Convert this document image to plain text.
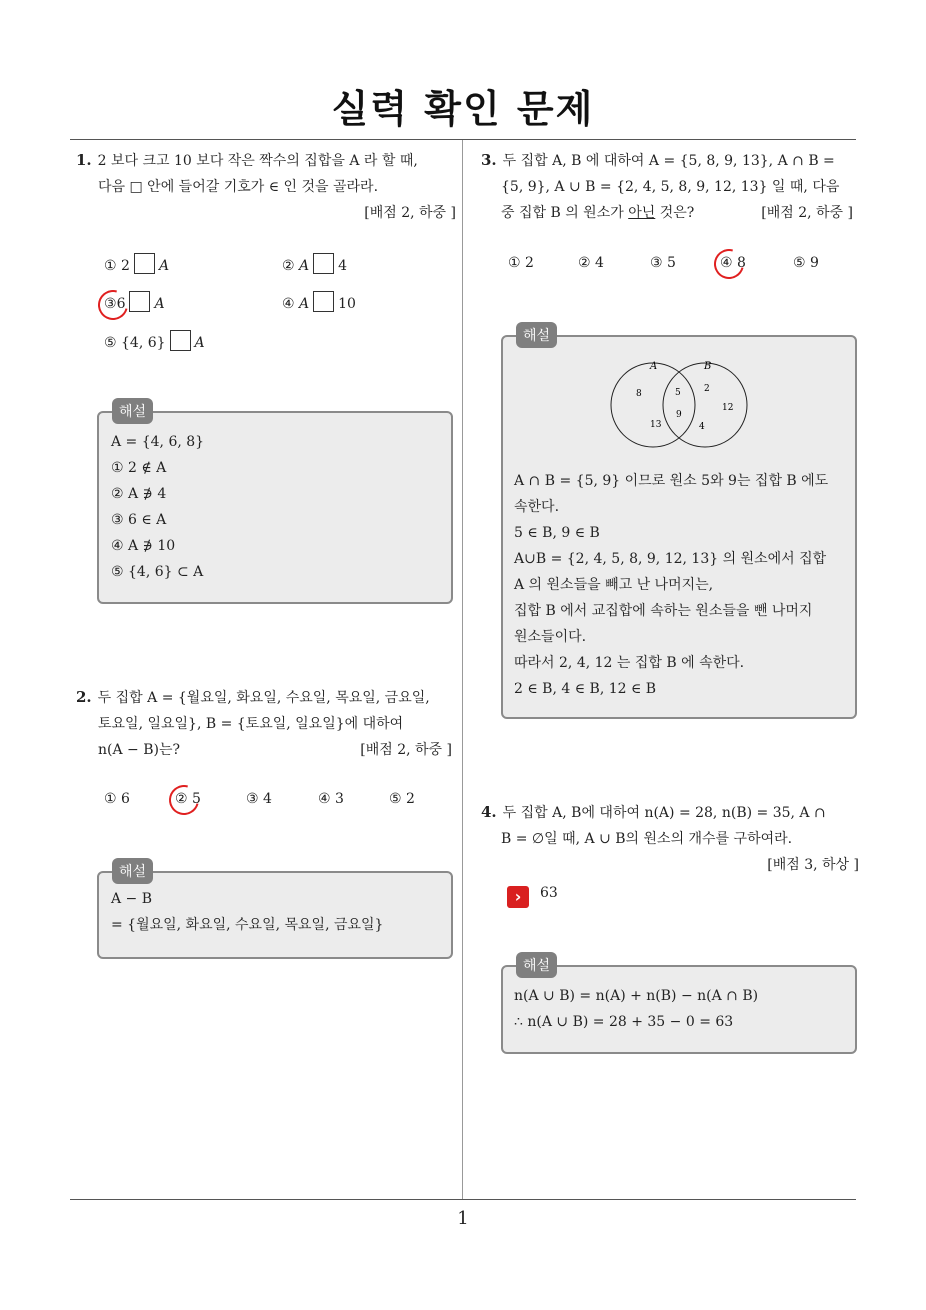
실력 확인 문제
1
1. 2 보다 크고 10 보다 작은 짝수의 집합을 A 라 할 때,
다음 □ 안에 들어갈 기호가 ∈ 인 것을 골라라.
[배점 2, 하중 ]
① 2 A	② A 4
③6 A	④ A 10
⑤ {4, 6} A
해설
A = {4, 6, 8}
① 2 ∉ A
② A ∌ 4
③ 6 ∈ A
④ A ∌ 10
⑤ {4, 6} ⊂ A
2. 두 집합 A = {월요일, 화요일, 수요일, 목요일, 금요일,
토요일, 일요일}, B = {토요일, 일요일}에 대하여
n(A − B)는?	[배점 2, 하중 ]
① 6	② 5	③ 4	④ 3	⑤ 2
해설
A − B
= {월요일, 화요일, 수요일, 목요일, 금요일}
3. 두 집합 A, B 에 대하여 A = {5, 8, 9, 13}, A ∩ B =
{5, 9}, A ∪ B = {2, 4, 5, 8, 9, 12, 13} 일 때, 다음
중 집합 B 의 원소가 아닌 것은?	[배점 2, 하중 ]
① 2	② 4	③ 5	④ 8	⑤ 9
해설
A	B
8
13
5
9
2
12
4
A ∩ B = {5, 9} 이므로 원소 5와 9는 집합 B 에도
속한다.
5 ∈ B, 9 ∈ B
A∪B = {2, 4, 5, 8, 9, 12, 13} 의 원소에서 집합
A 의 원소들을 빼고 난 나머지는,
집합 B 에서 교집합에 속하는 원소들을 뺀 나머지
원소들이다.
따라서 2, 4, 12 는 집합 B 에 속한다.
2 ∈ B, 4 ∈ B, 12 ∈ B
4. 두 집합 A, B에 대하여 n(A) = 28, n(B) = 35, A ∩
B = ∅일 때, A ∪ B의 원소의 개수를 구하여라.
[배점 3, 하상 ]
›	63
해설
n(A ∪ B) = n(A) + n(B) − n(A ∩ B)
∴ n(A ∪ B) = 28 + 35 − 0 = 63
